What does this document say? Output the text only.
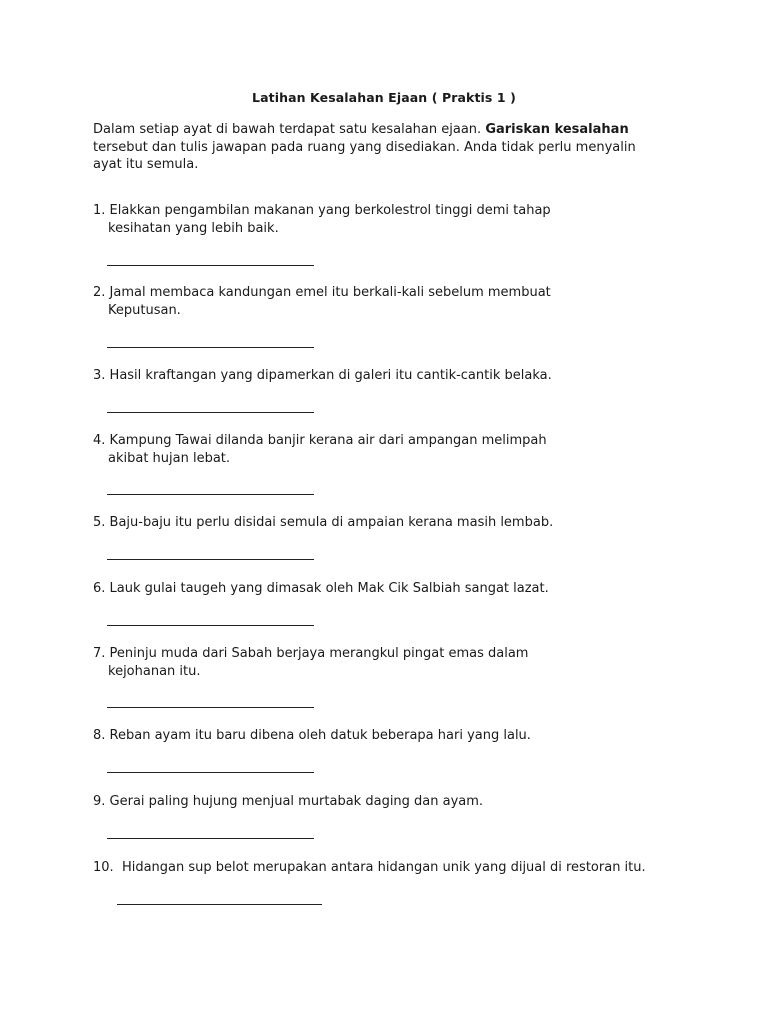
Latihan Kesalahan Ejaan ( Praktis 1 )
Dalam setiap ayat di bawah terdapat satu kesalahan ejaan. Gariskan kesalahan
tersebut dan tulis jawapan pada ruang yang disediakan. Anda tidak perlu menyalin
ayat itu semula.
1. Elakkan pengambilan makanan yang berkolestrol tinggi demi tahap
kesihatan yang lebih baik.
2. Jamal membaca kandungan emel itu berkali-kali sebelum membuat
Keputusan.
3. Hasil kraftangan yang dipamerkan di galeri itu cantik-cantik belaka.
4. Kampung Tawai dilanda banjir kerana air dari ampangan melimpah
akibat hujan lebat.
5. Baju-baju itu perlu disidai semula di ampaian kerana masih lembab.
6. Lauk gulai taugeh yang dimasak oleh Mak Cik Salbiah sangat lazat.
7. Peninju muda dari Sabah berjaya merangkul pingat emas dalam
kejohanan itu.
8. Reban ayam itu baru dibena oleh datuk beberapa hari yang lalu.
9. Gerai paling hujung menjual murtabak daging dan ayam.
10. Hidangan sup belot merupakan antara hidangan unik yang dijual di restoran itu.
